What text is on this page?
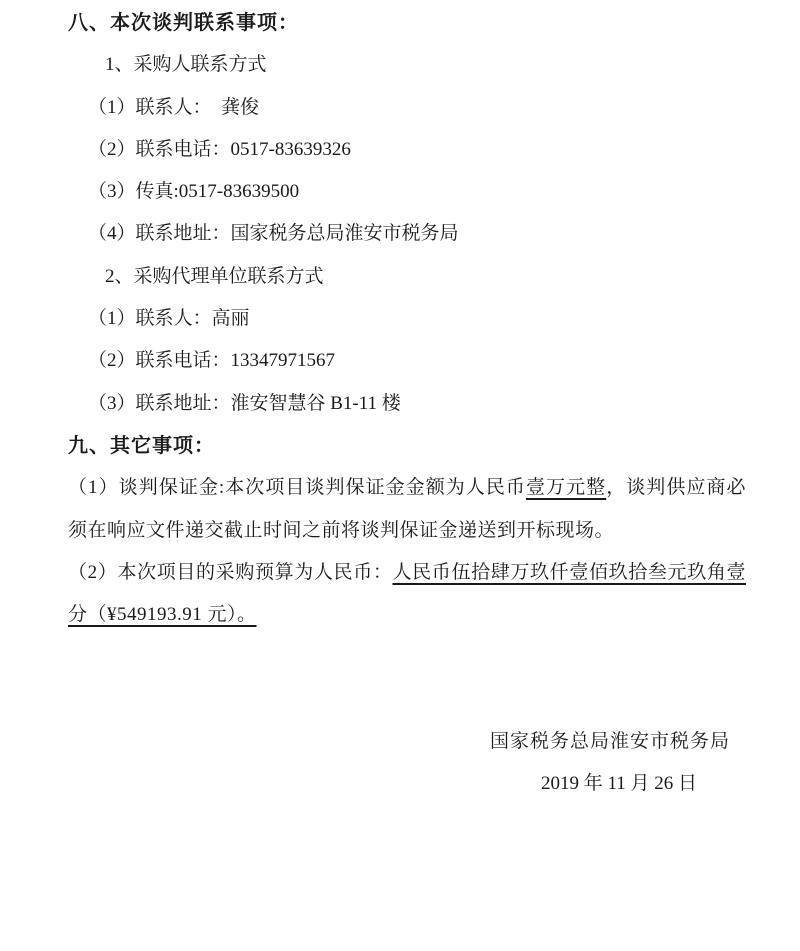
八、本次谈判联系事项：
1、采购人联系方式
（1）联系人：　龚俊
（2）联系电话：0517-83639326
（3）传真:0517-83639500
（4）联系地址：国家税务总局淮安市税务局
2、采购代理单位联系方式
（1）联系人：高丽
（2）联系电话：13347971567
（3）联系地址：淮安智慧谷 B1-11 楼
九、其它事项：
（1）谈判保证金:本次项目谈判保证金金额为人民币壹万元整，谈判供应商必须在响应文件递交截止时间之前将谈判保证金递送到开标现场。
（2）本次项目的采购预算为人民币：人民币伍拾肆万玖仟壹佰玖拾叁元玖角壹分（¥549193.91 元）。
国家税务总局淮安市税务局
2019 年 11 月 26 日
